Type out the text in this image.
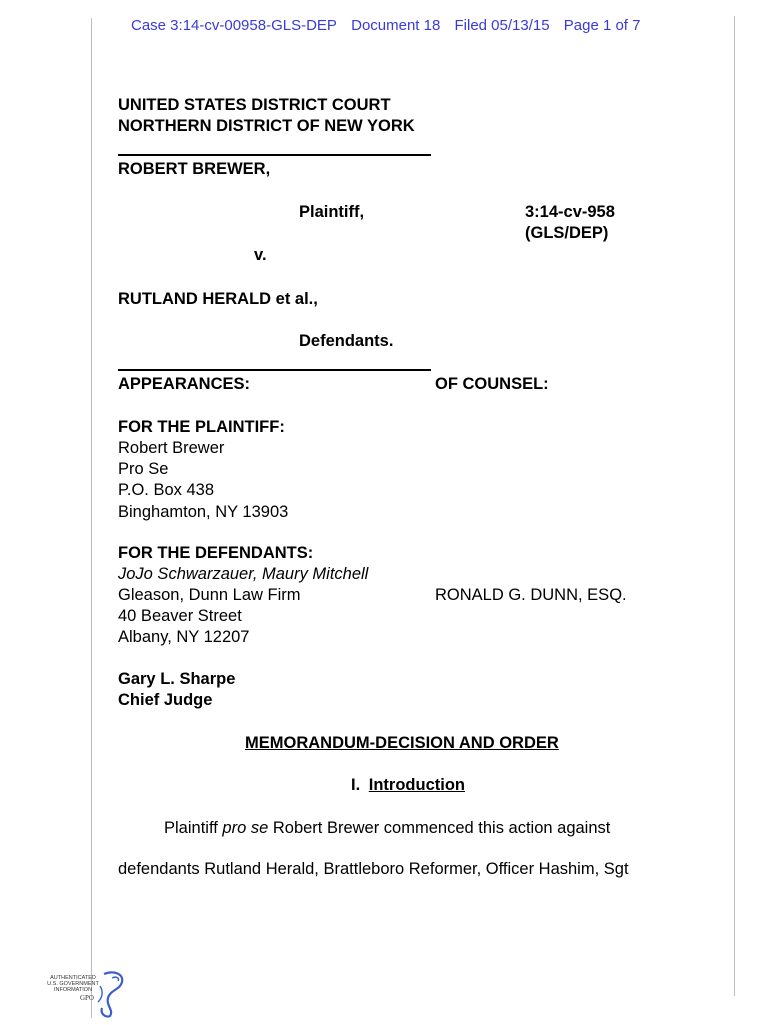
Case 3:14-cv-00958-GLS-DEP Document 18 Filed 05/13/15 Page 1 of 7
UNITED STATES DISTRICT COURT
NORTHERN DISTRICT OF NEW YORK
ROBERT BREWER,
Plaintiff,	3:14-cv-958
(GLS/DEP)
v.
RUTLAND HERALD et al.,
Defendants.
APPEARANCES:	OF COUNSEL:
FOR THE PLAINTIFF:
Robert Brewer
Pro Se
P.O. Box 438
Binghamton, NY 13903
FOR THE DEFENDANTS:
JoJo Schwarzauer, Maury Mitchell
Gleason, Dunn Law Firm	RONALD G. DUNN, ESQ.
40 Beaver Street
Albany, NY 12207
Gary L. Sharpe
Chief Judge
MEMORANDUM-DECISION AND ORDER
I. Introduction
Plaintiff pro se Robert Brewer commenced this action against
defendants Rutland Herald, Brattleboro Reformer, Officer Hashim, Sgt
AUTHENTICATED
U.S. GOVERNMENT
INFORMATION
GPO
